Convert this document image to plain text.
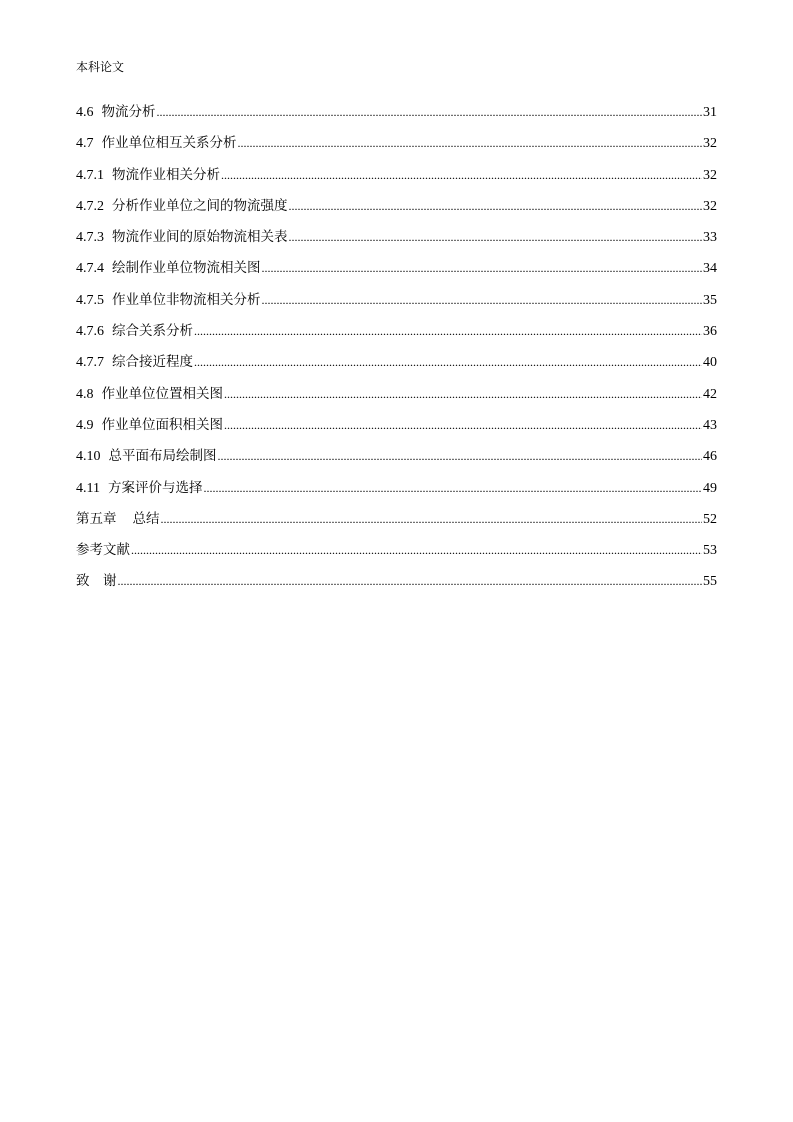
本科论文
4.6 物流分析 .....	31
4.7 作业单位相互关系分析 .....	32
4.7.1 物流作业相关分析 .....	32
4.7.2 分析作业单位之间的物流强度 .....	32
4.7.3 物流作业间的原始物流相关表 .....	33
4.7.4 绘制作业单位物流相关图 .....	34
4.7.5 作业单位非物流相关分析 .....	35
4.7.6 综合关系分析 .....	36
4.7.7 综合接近程度 .....	40
4.8 作业单位位置相关图 .....	42
4.9 作业单位面积相关图 .....	43
4.10 总平面布局绘制图 .....	46
4.11 方案评价与选择 .....	49
第五章 总结 .....	52
参考文献 .....	53
致　谢 .....	55
